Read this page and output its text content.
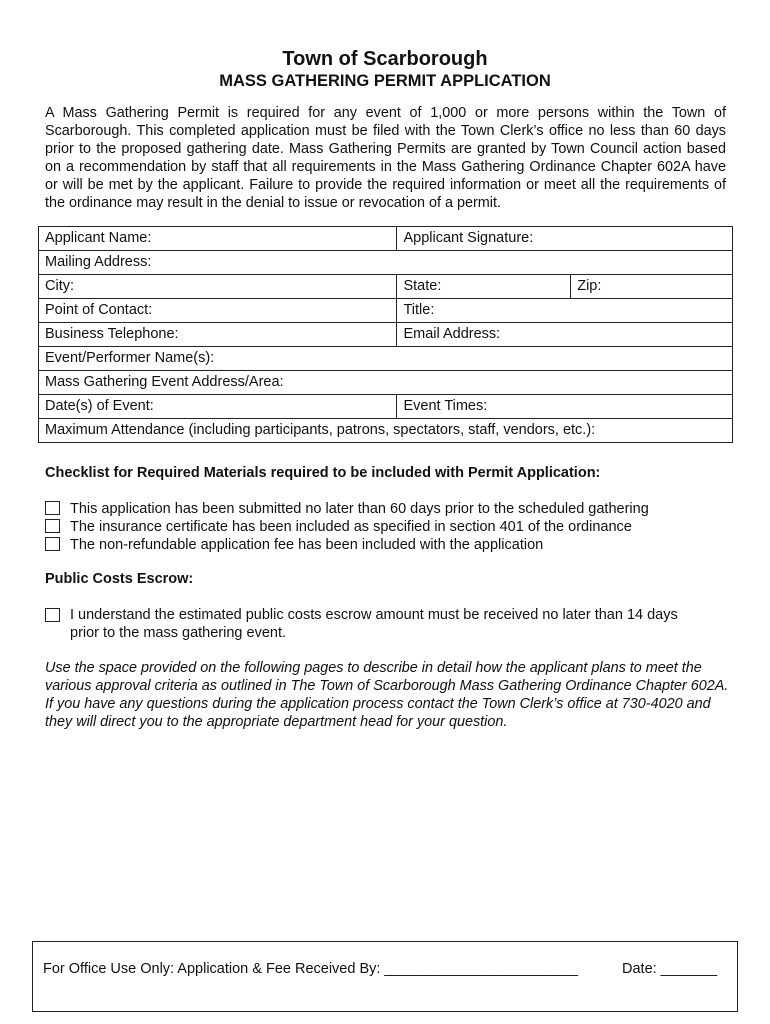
Town of Scarborough
MASS GATHERING PERMIT APPLICATION
A Mass Gathering Permit is required for any event of 1,000 or more persons within the Town of Scarborough. This completed application must be filed with the Town Clerk’s office no less than 60 days prior to the proposed gathering date. Mass Gathering Permits are granted by Town Council action based on a recommendation by staff that all requirements in the Mass Gathering Ordinance Chapter 602A have or will be met by the applicant. Failure to provide the required information or meet all the requirements of the ordinance may result in the denial to issue or revocation of a permit.
Applicant Name:	Applicant Signature:	
Mailing Address:		
City:	State:	Zip:
Point of Contact:	Title:	
Business Telephone:	Email Address:	
Event/Performer Name(s):		
Mass Gathering Event Address/Area:		
Date(s) of Event:	Event Times:	
Maximum Attendance (including participants, patrons, spectators, staff, vendors, etc.):		
Checklist for Required Materials required to be included with Permit Application:
This application has been submitted no later than 60 days prior to the scheduled gathering
The insurance certificate has been included as specified in section 401 of the ordinance
The non-refundable application fee has been included with the application
Public Costs Escrow:
I understand the estimated public costs escrow amount must be received no later than 14 days
prior to the mass gathering event.
Use the space provided on the following pages to describe in detail how the applicant plans to meet the various approval criteria as outlined in The Town of Scarborough Mass Gathering Ordinance Chapter 602A. If you have any questions during the application process contact the Town Clerk’s office at 730-4020 and they will direct you to the appropriate department head for your question.
For Office Use Only: Application & Fee Received By: ________________________	Date: _______
